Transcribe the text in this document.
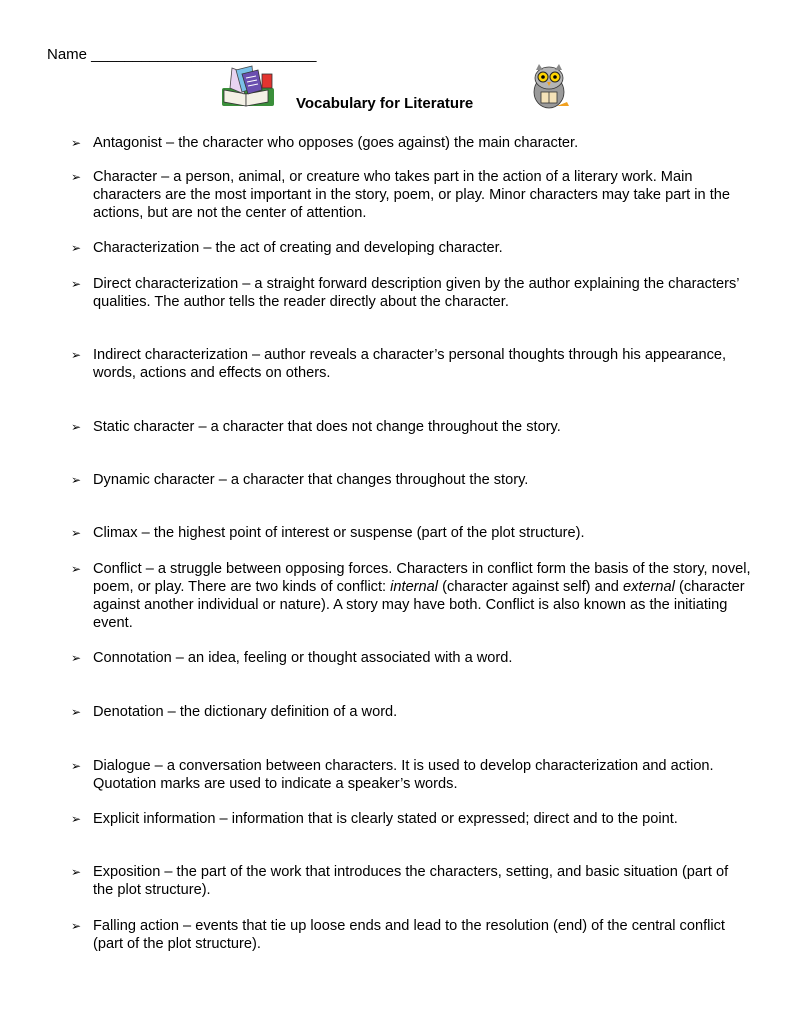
Name ___________________________
Vocabulary for Literature
➢ Antagonist – the character who opposes (goes against) the main character.
➢ Character – a person, animal, or creature who takes part in the action of a literary work. Main characters are the most important in the story, poem, or play. Minor characters may take part in the actions, but are not the center of attention.
➢ Characterization – the act of creating and developing character.
➢ Direct characterization – a straight forward description given by the author explaining the characters’ qualities. The author tells the reader directly about the character.
➢ Indirect characterization – author reveals a character’s personal thoughts through his appearance, words, actions and effects on others.
➢ Static character – a character that does not change throughout the story.
➢ Dynamic character – a character that changes throughout the story.
➢ Climax – the highest point of interest or suspense (part of the plot structure).
➢ Conflict – a struggle between opposing forces. Characters in conflict form the basis of the story, novel, poem, or play. There are two kinds of conflict: internal (character against self) and external (character against another individual or nature). A story may have both. Conflict is also known as the initiating event.
➢ Connotation – an idea, feeling or thought associated with a word.
➢ Denotation – the dictionary definition of a word.
➢ Dialogue – a conversation between characters. It is used to develop characterization and action. Quotation marks are used to indicate a speaker’s words.
➢ Explicit information – information that is clearly stated or expressed; direct and to the point.
➢ Exposition – the part of the work that introduces the characters, setting, and basic situation (part of the plot structure).
➢ Falling action – events that tie up loose ends and lead to the resolution (end) of the central conflict (part of the plot structure).
